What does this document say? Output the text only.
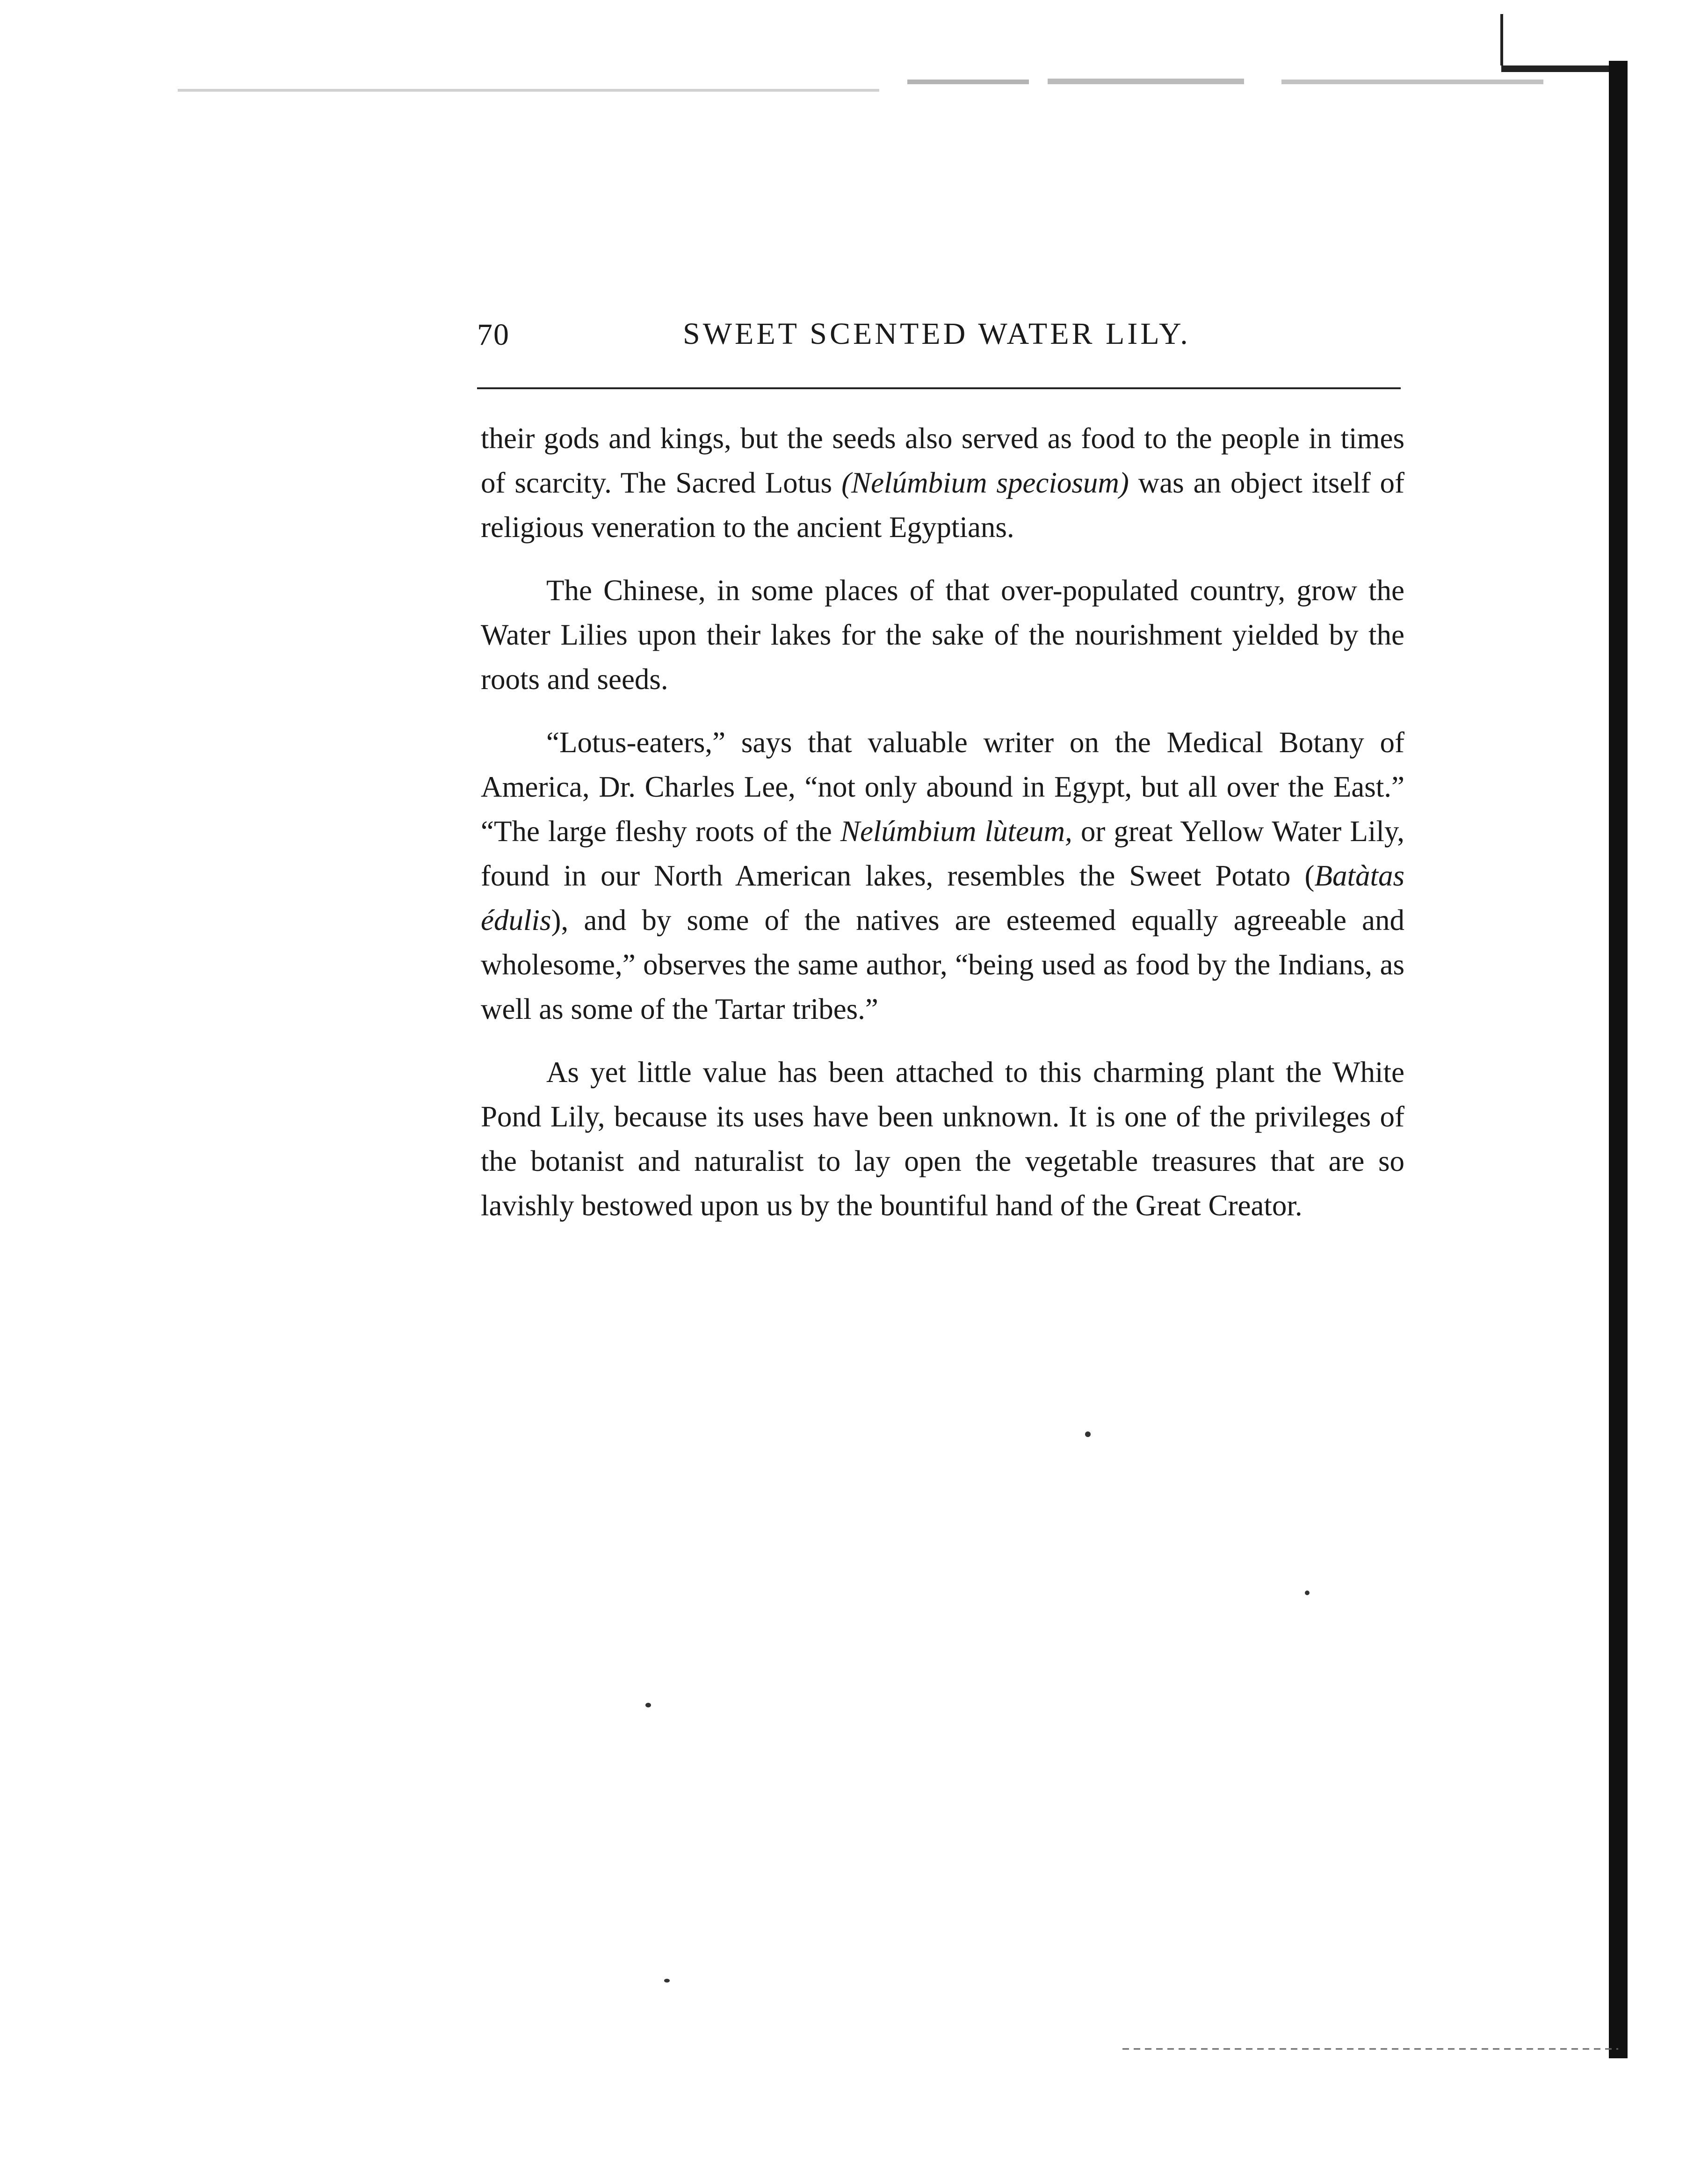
70	SWEET SCENTED WATER LILY.

their gods and kings, but the seeds also served as food to the people in times of scarcity. The Sacred Lotus (Nelúmbium speciosum) was an object itself of religious veneration to the ancient Egyptians.

The Chinese, in some places of that over-populated country, grow the Water Lilies upon their lakes for the sake of the nourishment yielded by the roots and seeds.

“Lotus-eaters,” says that valuable writer on the Medical Botany of America, Dr. Charles Lee, “not only abound in Egypt, but all over the East.” “The large fleshy roots of the Nelúmbium lùteum, or great Yellow Water Lily, found in our North American lakes, resembles the Sweet Potato (Batàtas édulis), and by some of the natives are esteemed equally agreeable and wholesome,” observes the same author, “being used as food by the Indians, as well as some of the Tartar tribes.”

As yet little value has been attached to this charming plant the White Pond Lily, because its uses have been unknown. It is one of the privileges of the botanist and naturalist to lay open the vegetable treasures that are so lavishly bestowed upon us by the bountiful hand of the Great Creator.
